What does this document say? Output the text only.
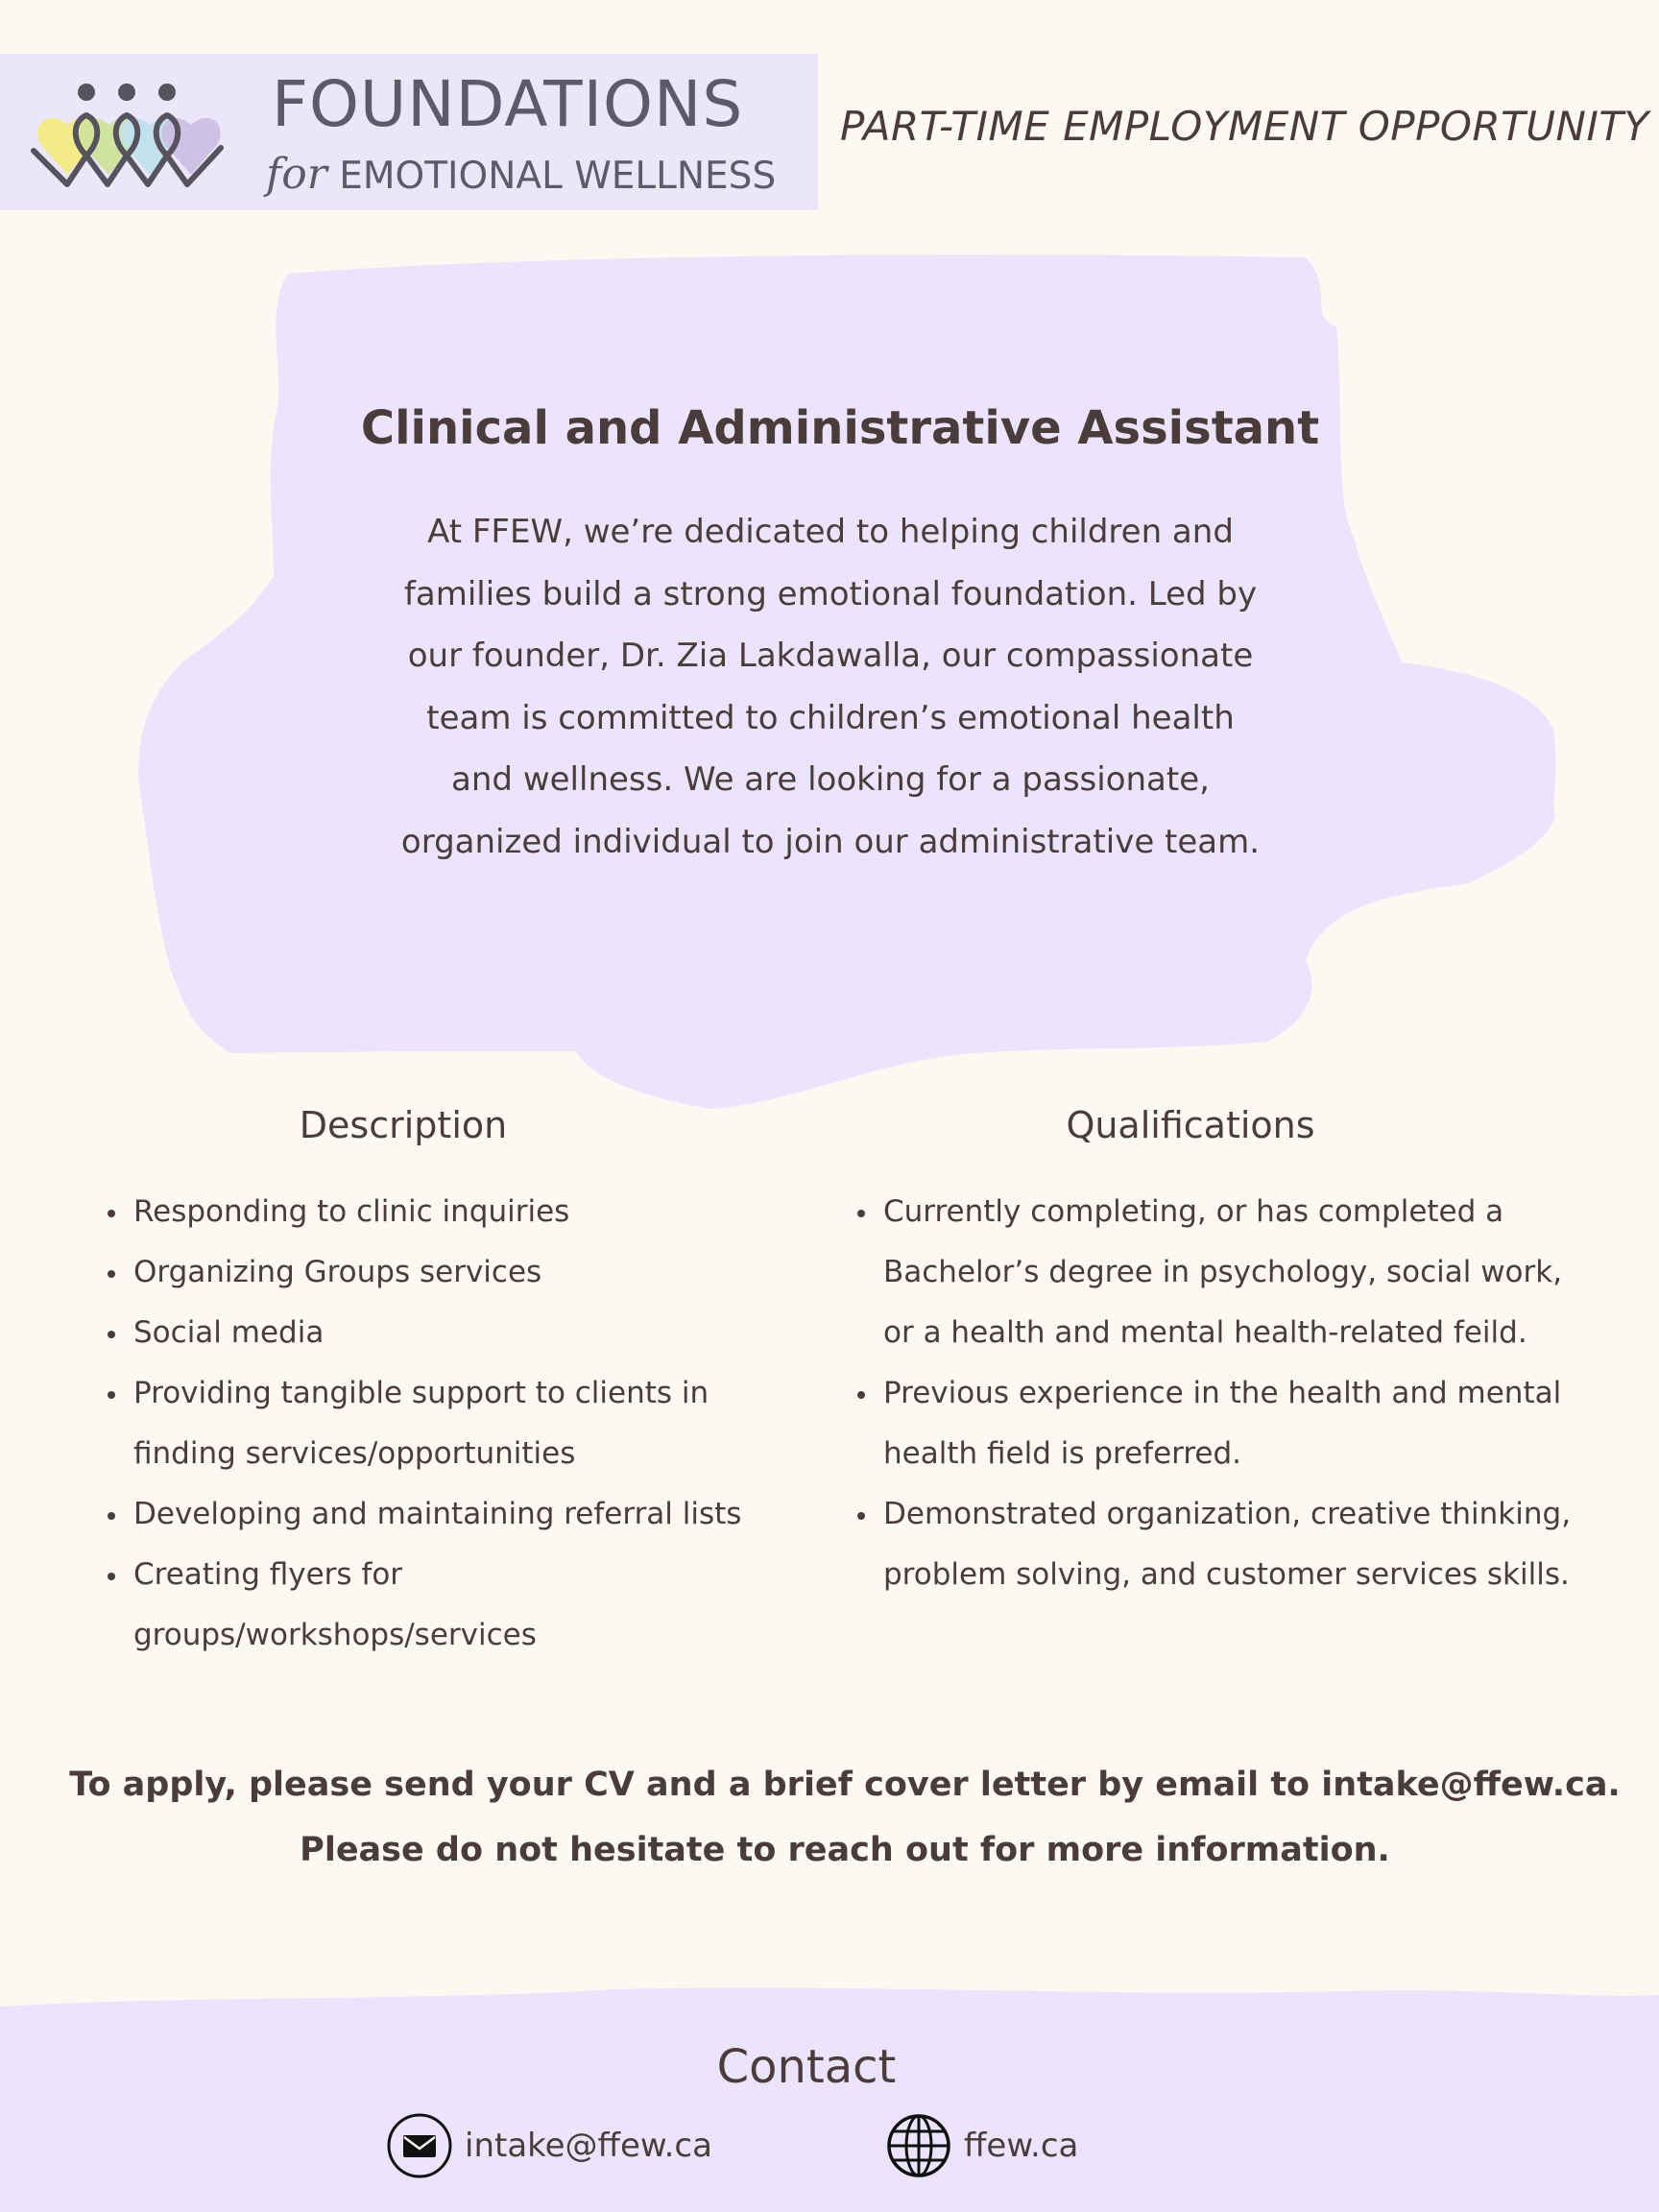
FOUNDATIONS
for EMOTIONAL WELLNESS
PART-TIME EMPLOYMENT OPPORTUNITY
Clinical and Administrative Assistant
At FFEW, we’re dedicated to helping children and families build a strong emotional foundation. Led by our founder, Dr. Zia Lakdawalla, our compassionate team is committed to children’s emotional health and wellness. We are looking for a passionate, organized individual to join our administrative team.
Description
Responding to clinic inquiries
Organizing Groups services
Social media
Providing tangible support to clients in finding services/opportunities
Developing and maintaining referral lists
Creating flyers for groups/workshops/services
Qualifications
Currently completing, or has completed a Bachelor’s degree in psychology, social work, or a health and mental health-related feild.
Previous experience in the health and mental health field is preferred.
Demonstrated organization, creative thinking, problem solving, and customer services skills.
To apply, please send your CV and a brief cover letter by email to intake@ffew.ca.
Please do not hesitate to reach out for more information.
Contact
intake@ffew.ca	ffew.ca
